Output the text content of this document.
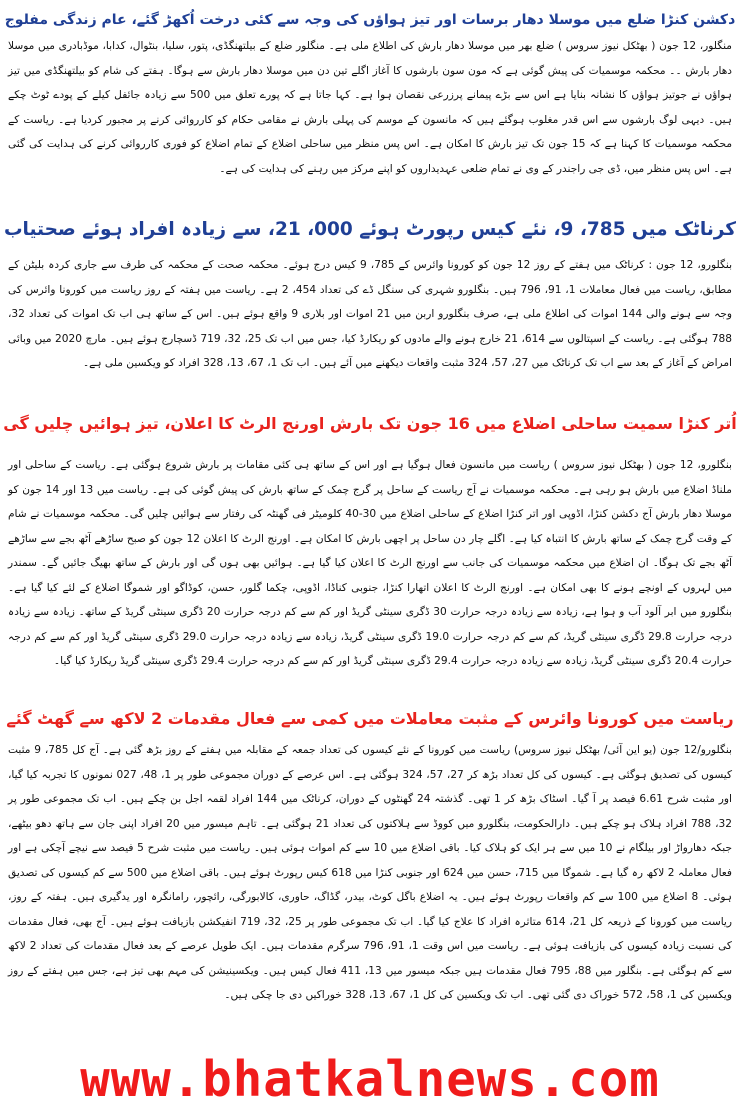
دکشن کنڑا ضلع میں موسلا دھار برسات اور تیز ہواؤں کی وجہ سے کئی درخت اُکھڑ گئے، عام زندگی مفلوج

منگلور، 12 جون ( بھٹکل نیوز سروس ) ضلع بھر میں موسلا دھار بارش کی اطلاع ملی ہے۔ منگلور ضلع کے بیلتھنگڈی، پتور، سلیا، بنٹوال، کدابا، موڈبادری میں موسلا دھار بارش ۔۔ محکمہ موسمیات کی پیش گوئی ہے کہ مون سون بارشوں کا آغاز اگلے تین دن میں موسلا دھار بارش سے ہوگا۔ ہفتے کی شام کو بیلتھنگڈی میں تیز ہواؤں نے جوتیز ہواؤں کا نشانہ بنایا ہے اس سے بڑے پیمانے پرزرعی نقصان ہوا ہے۔ کہا جاتا ہے کہ پورے تعلق میں 500 سے زیادہ جائفل کیلے کے پودے ٹوٹ چکے ہیں۔ دیہی لوگ بارشوں سے اس قدر مغلوب ہوگئے ہیں کہ مانسون کے موسم کی پہلی بارش نے مقامی حکام کو کارروائی کرنے پر مجبور کردیا ہے۔ ریاست کے محکمہ موسمیات کا کہنا ہے کہ 15 جون تک تیز بارش کا امکان ہے۔ اس پس منظر میں ساحلی اضلاع کے تمام اضلاع کو فوری کارروائی کرنے کی ہدایت کی گئی ہے۔ اس پس منظر میں، ڈی جی راجندر کے وی نے تمام ضلعی عہدیداروں کو اپنے مرکز میں رہنے کی ہدایت کی ہے۔

کرناٹک میں 785، 9، نئے کیس رپورٹ ہوئے 000، 21، سے زیادہ افراد ہوئے صحتیاب

بنگلورو، 12 جون : کرناٹک میں ہفتے کے روز 12 جون کو کورونا وائرس کے 785، 9 کیس درج ہوئے۔ محکمہ صحت کے محکمہ کی طرف سے جاری کردہ بلیٹن کے مطابق، ریاست میں فعال معاملات 1، 91، 796 ہیں۔ بنگلورو شہری کی سنگل ڈے کی تعداد 454، 2 ہے۔ ریاست میں ہفتہ کے روز ریاست میں کورونا وائرس کی وجہ سے ہونے والی 144 اموات کی اطلاع ملی ہے، صرف بنگلورو اربن میں 21 اموات اور بلاری 9 واقع ہوئے ہیں۔ اس کے ساتھ ہی اب تک اموات کی تعداد 32، 788 ہوگئی ہے۔ ریاست کے اسپتالوں سے 614، 21 خارج ہونے والے مادوں کو ریکارڈ کیا، جس میں اب تک 25، 32، 719 ڈسچارج ہوئے ہیں۔ مارچ 2020 میں وبائی امراض کے آغاز کے بعد سے اب تک کرناٹک میں 27، 57، 324 مثبت واقعات دیکھنے میں آئے ہیں۔ اب تک 1، 67، 13، 328 افراد کو ویکسین ملی ہے۔

اُتر کنڑا سمیت ساحلی اضلاع میں 16 جون تک بارش اورنج الرٹ کا اعلان، تیز ہوائیں چلیں گی

بنگلورو، 12 جون ( بھٹکل نیوز سروس ) ریاست میں مانسون فعال ہوگیا ہے اور اس کے ساتھ ہی کئی مقامات پر بارش شروع ہوگئی ہے۔ ریاست کے ساحلی اور ملناڈ اضلاع میں بارش ہو رہی ہے۔ محکمہ موسمیات نے آج ریاست کے ساحل پر گرج چمک کے ساتھ بارش کی پیش گوئی کی ہے۔ ریاست میں 13 اور 14 جون کو موسلا دھار بارش آج دکشن کنڑا، اڈوپی اور اتر کنڑا اضلاع کے ساحلی اضلاع میں 30-40 کلومیٹر فی گھنٹہ کی رفتار سے ہوائیں چلیں گی۔ محکمہ موسمیات نے شام کے وقت گرج چمک کے ساتھ بارش کا انتباہ کیا ہے۔ اگلے چار دن ساحل پر اچھی بارش کا امکان ہے۔ اورنج الرٹ کا اعلان 12 جون کو صبح ساڑھے آٹھ بجے سے ساڑھے آٹھ بجے تک ہوگا۔ ان اضلاع میں محکمہ موسمیات کی جانب سے اورنج الرٹ کا اعلان کیا گیا ہے۔ ہوائیں بھی ہوں گی اور بارش کے ساتھ بھیگ جائیں گے۔ سمندر میں لہروں کے اونچے ہونے کا بھی امکان ہے۔ اورنج الرٹ کا اعلان اتھارا کنڑا، جنوبی کناڈا، اڈوپی، چکما گلور، حسن، کوڈاگو اور شموگا اضلاع کے لئے کیا گیا ہے۔ بنگلورو میں ابر آلود آب و ہوا ہے، زیادہ سے زیادہ درجہ حرارت 30 ڈگری سینٹی گریڈ اور کم سے کم درجہ حرارت 20 ڈگری سینٹی گریڈ کے ساتھ۔ زیادہ سے زیادہ درجہ حرارت 29.8 ڈگری سینٹی گریڈ، کم سے کم درجہ حرارت 19.0 ڈگری سینٹی گریڈ، زیادہ سے زیادہ درجہ حرارت 29.0 ڈگری سینٹی گریڈ اور کم سے کم درجہ حرارت 20.4 ڈگری سینٹی گریڈ، زیادہ سے زیادہ درجہ حرارت 29.4 ڈگری سینٹی گریڈ اور کم سے کم درجہ حرارت 29.4 ڈگری سینٹی گریڈ ریکارڈ کیا گیا۔

ریاست میں کورونا وائرس کے مثبت معاملات میں کمی سے فعال مقدمات 2 لاکھ سے گھٹ گئے

بنگلورو/12 جون (یو این آئی/ بھٹکل نیوز سروس) ریاست میں کورونا کے نئے کیسوں کی تعداد جمعہ کے مقابلہ میں ہفتے کے روز بڑھ گئی ہے۔ آج کل 785، 9 مثبت کیسوں کی تصدیق ہوگئی ہے۔ کیسوں کی کل تعداد بڑھ کر 27، 57، 324 ہوگئی ہے۔ اس عرصے کے دوران مجموعی طور پر 1، 48، 027 نمونوں کا تجربہ کیا گیا، اور مثبت شرح 6.61 فیصد پر آ گیا۔ اسٹاک بڑھ کر 1 تھی۔ گذشتہ 24 گھنٹوں کے دوران، کرناٹک میں 144 افراد لقمہ اجل بن چکے ہیں۔ اب تک مجموعی طور پر 32، 788 افراد ہلاک ہو چکے ہیں۔ دارالحکومت، بنگلورو میں کووڈ سے ہلاکتوں کی تعداد 21 ہوگئی ہے۔ تاہم میسور میں 20 افراد اپنی جان سے ہاتھ دھو بیٹھے، جبکہ دھارواڑ اور بیلگام نے 10 میں سے ہر ایک کو ہلاک کیا۔ باقی اضلاع میں 10 سے کم اموات ہوئی ہیں۔ ریاست میں مثبت شرح 5 فیصد سے نیچے آچکی ہے اور فعال معاملہ 2 لاکھ رہ گیا ہے۔ شموگا میں 715، حسن میں 624 اور جنوبی کنڑا میں 618 کیس رپورٹ ہوئے ہیں۔ باقی اضلاع میں 500 سے کم کیسوں کی تصدیق ہوئی۔ 8 اضلاع میں 100 سے کم واقعات رپورٹ ہوئے ہیں۔ یہ اضلاع باگل کوٹ، بیدر، گڈاگ، حاوری، کالابورگی، رائچور، رامانگرہ اور یدگیری ہیں۔ ہفتہ کے روز، ریاست میں کورونا کے ذریعہ کل 21، 614 متاثرہ افراد کا علاج کیا گیا۔ اب تک مجموعی طور پر 25، 32، 719 انفیکشن بازیافت ہوئے ہیں۔ آج بھی، فعال مقدمات کی نسبت زیادہ کیسوں کی بازیافت ہوئی ہے۔ ریاست میں اس وقت 1، 91، 796 سرگرم مقدمات ہیں۔ ایک طویل عرصے کے بعد فعال مقدمات کی تعداد 2 لاکھ سے کم ہوگئی ہے۔ بنگلور میں 88، 795 فعال مقدمات ہیں جبکہ میسور میں 13، 411 فعال کیس ہیں۔ ویکسینیشن کی مہم بھی تیز ہے، جس میں ہفتے کے روز ویکسین کی 1، 58، 572 خوراک دی گئی تھی۔ اب تک ویکسین کی کل 1، 67، 13، 328 خوراکیں دی جا چکی ہیں۔

www.bhatkalnews.com
